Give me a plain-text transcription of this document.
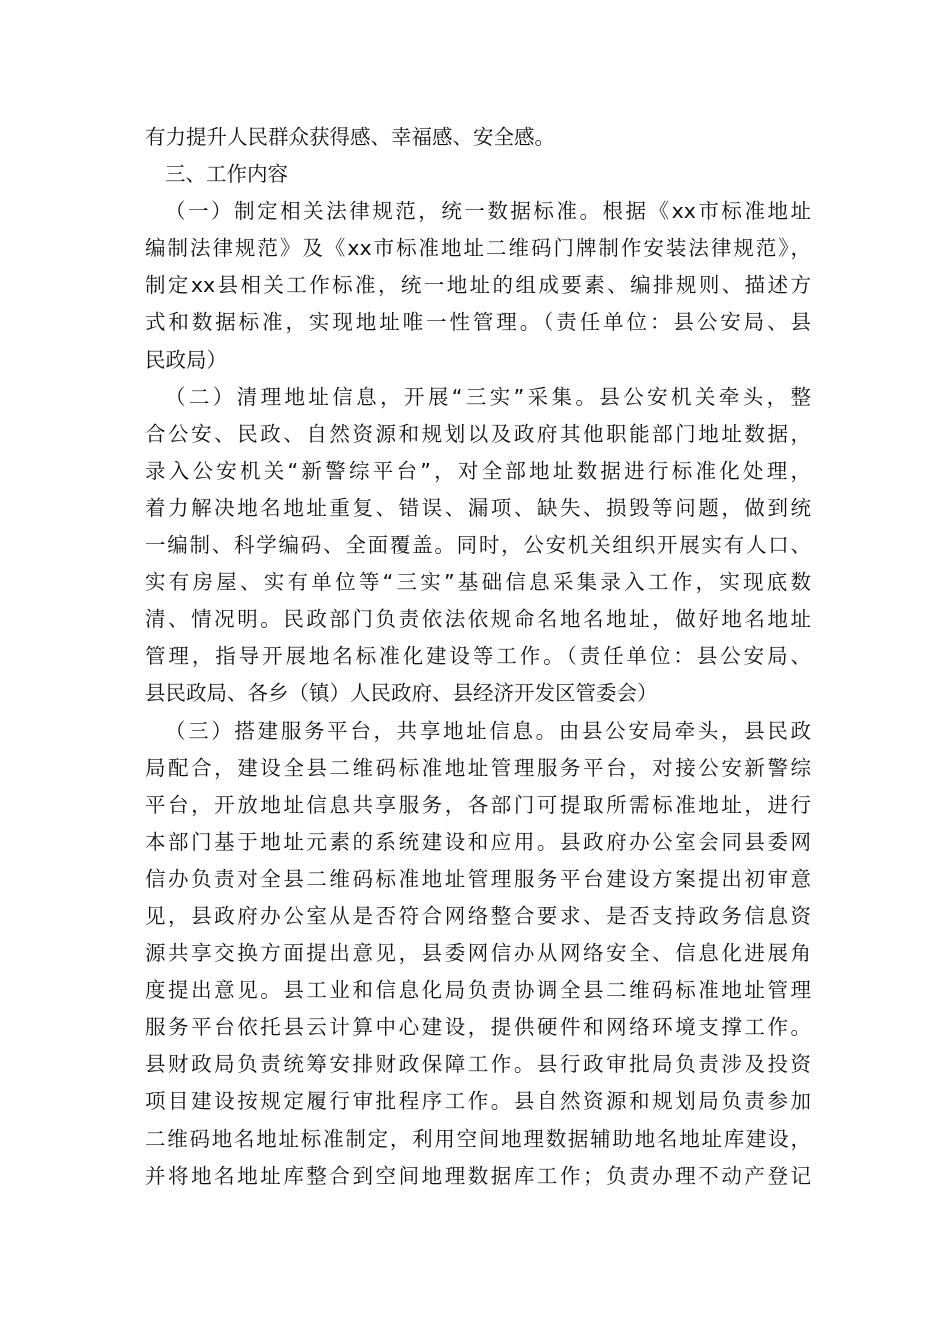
有力提升人民群众获得感、幸福感、安全感。
三、工作内容
（一）制定相关法律规范，统一数据标准。根据《xx市标准地址
编制法律规范》及《xx市标准地址二维码门牌制作安装法律规范》，
制定xx县相关工作标准，统一地址的组成要素、编排规则、描述方
式和数据标准，实现地址唯一性管理。（责任单位：县公安局、县
民政局）
（二）清理地址信息，开展“三实”采集。县公安机关牵头，整
合公安、民政、自然资源和规划以及政府其他职能部门地址数据，
录入公安机关“新警综平台”，对全部地址数据进行标准化处理，
着力解决地名地址重复、错误、漏项、缺失、损毁等问题，做到统
一编制、科学编码、全面覆盖。同时，公安机关组织开展实有人口、
实有房屋、实有单位等“三实”基础信息采集录入工作，实现底数
清、情况明。民政部门负责依法依规命名地名地址，做好地名地址
管理，指导开展地名标准化建设等工作。（责任单位：县公安局、
县民政局、各乡（镇）人民政府、县经济开发区管委会）
（三）搭建服务平台，共享地址信息。由县公安局牵头，县民政
局配合，建设全县二维码标准地址管理服务平台，对接公安新警综
平台，开放地址信息共享服务，各部门可提取所需标准地址，进行
本部门基于地址元素的系统建设和应用。县政府办公室会同县委网
信办负责对全县二维码标准地址管理服务平台建设方案提出初审意
见，县政府办公室从是否符合网络整合要求、是否支持政务信息资
源共享交换方面提出意见，县委网信办从网络安全、信息化进展角
度提出意见。县工业和信息化局负责协调全县二维码标准地址管理
服务平台依托县云计算中心建设，提供硬件和网络环境支撑工作。
县财政局负责统筹安排财政保障工作。县行政审批局负责涉及投资
项目建设按规定履行审批程序工作。县自然资源和规划局负责参加
二维码地名地址标准制定，利用空间地理数据辅助地名地址库建设，
并将地名地址库整合到空间地理数据库工作；负责办理不动产登记
